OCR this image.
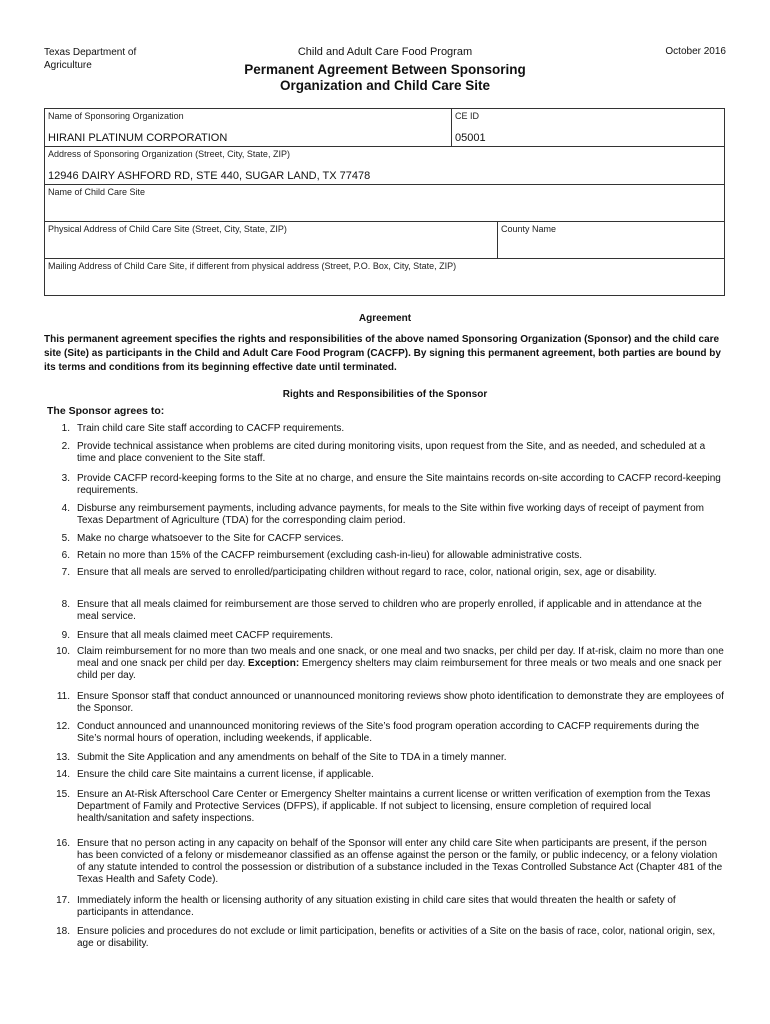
Texas Department of Agriculture
Child and Adult Care Food Program	October 2016
Permanent Agreement Between Sponsoring
Organization and Child Care Site
Name of Sponsoring Organization
HIRANI PLATINUM CORPORATION
CE ID
05001
Address of Sponsoring Organization (Street, City, State, ZIP)
12946 DAIRY ASHFORD RD, STE 440, SUGAR LAND, TX 77478
Name of Child Care Site
Physical Address of Child Care Site (Street, City, State, ZIP)	County Name
Mailing Address of Child Care Site, if different from physical address (Street, P.O. Box, City, State, ZIP)
Agreement
This permanent agreement specifies the rights and responsibilities of the above named Sponsoring Organization (Sponsor) and the child care site (Site) as participants in the Child and Adult Care Food Program (CACFP). By signing this permanent agreement, both parties are bound by its terms and conditions from its beginning effective date until terminated.
Rights and Responsibilities of the Sponsor
The Sponsor agrees to:
1. Train child care Site staff according to CACFP requirements.
2. Provide technical assistance when problems are cited during monitoring visits, upon request from the Site, and as needed, and scheduled at a time and place convenient to the Site staff.
3. Provide CACFP record-keeping forms to the Site at no charge, and ensure the Site maintains records on-site according to CACFP record-keeping requirements.
4. Disburse any reimbursement payments, including advance payments, for meals to the Site within five working days of receipt of payment from Texas Department of Agriculture (TDA) for the corresponding claim period.
5. Make no charge whatsoever to the Site for CACFP services.
6. Retain no more than 15% of the CACFP reimbursement (excluding cash-in-lieu) for allowable administrative costs.
7. Ensure that all meals are served to enrolled/participating children without regard to race, color, national origin, sex, age or disability.
8. Ensure that all meals claimed for reimbursement are those served to children who are properly enrolled, if applicable and in attendance at the meal service.
9. Ensure that all meals claimed meet CACFP requirements.
10. Claim reimbursement for no more than two meals and one snack, or one meal and two snacks, per child per day. If at-risk, claim no more than one meal and one snack per child per day. Exception: Emergency shelters may claim reimbursement for three meals or two meals and one snack per child per day.
11. Ensure Sponsor staff that conduct announced or unannounced monitoring reviews show photo identification to demonstrate they are employees of the Sponsor.
12. Conduct announced and unannounced monitoring reviews of the Site’s food program operation according to CACFP requirements during the Site’s normal hours of operation, including weekends, if applicable.
13. Submit the Site Application and any amendments on behalf of the Site to TDA in a timely manner.
14. Ensure the child care Site maintains a current license, if applicable.
15. Ensure an At-Risk Afterschool Care Center or Emergency Shelter maintains a current license or written verification of exemption from the Texas Department of Family and Protective Services (DFPS), if applicable. If not subject to licensing, ensure completion of required local health/sanitation and safety inspections.
16. Ensure that no person acting in any capacity on behalf of the Sponsor will enter any child care Site when participants are present, if the person has been convicted of a felony or misdemeanor classified as an offense against the person or the family, or public indecency, or a felony violation of any statute intended to control the possession or distribution of a substance included in the Texas Controlled Substance Act (Chapter 481 of the Texas Health and Safety Code).
17. Immediately inform the health or licensing authority of any situation existing in child care sites that would threaten the health or safety of participants in attendance.
18. Ensure policies and procedures do not exclude or limit participation, benefits or activities of a Site on the basis of race, color, national origin, sex, age or disability.
